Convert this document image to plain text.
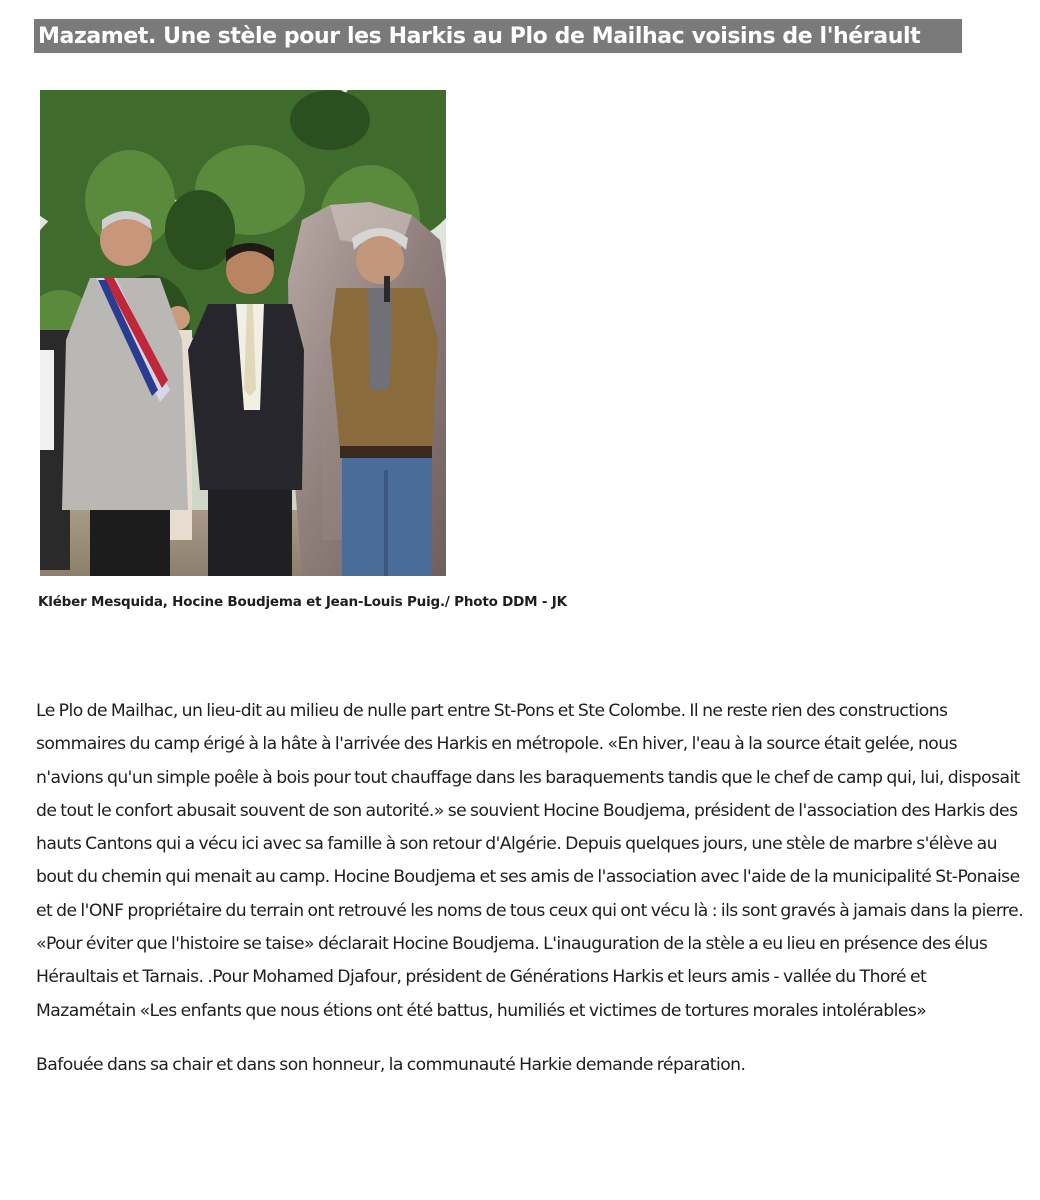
Mazamet. Une stèle pour les Harkis au Plo de Mailhac voisins de l'hérault
Kléber Mesquida, Hocine Boudjema et Jean-Louis Puig./ Photo DDM - JK

Le Plo de Mailhac, un lieu-dit au milieu de nulle part entre St-Pons et Ste Colombe. Il ne reste rien des constructions sommaires du camp érigé à la hâte à l'arrivée des Harkis en métropole. «En hiver, l'eau à la source était gelée, nous n'avions qu'un simple poêle à bois pour tout chauffage dans les baraquements tandis que le chef de camp qui, lui, disposait de tout le confort abusait souvent de son autorité.» se souvient Hocine Boudjema, président de l'association des Harkis des hauts Cantons qui a vécu ici avec sa famille à son retour d'Algérie. Depuis quelques jours, une stèle de marbre s'élève au bout du chemin qui menait au camp. Hocine Boudjema et ses amis de l'association avec l'aide de la municipalité St-Ponaise et de l'ONF propriétaire du terrain ont retrouvé les noms de tous ceux qui ont vécu là : ils sont gravés à jamais dans la pierre. «Pour éviter que l'histoire se taise» déclarait Hocine Boudjema. L'inauguration de la stèle a eu lieu en présence des élus Héraultais et Tarnais. .Pour Mohamed Djafour, président de Générations Harkis et leurs amis - vallée du Thoré et Mazamétain «Les enfants que nous étions ont été battus, humiliés et victimes de tortures morales intolérables»

Bafouée dans sa chair et dans son honneur, la communauté Harkie demande réparation.
